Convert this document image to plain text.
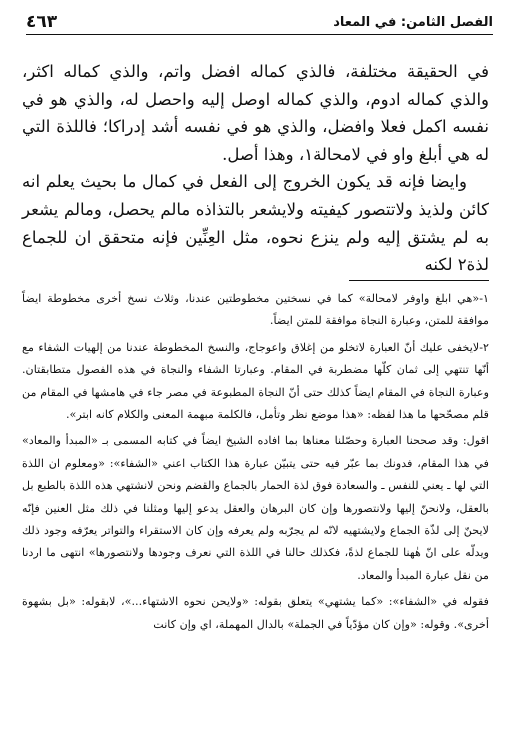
الفصل الثامن: في المعاد
٤٦٣

في الحقيقة مختلفة، فالذي كماله افضل واتم، والذي كماله اكثر، والذي كماله ادوم، والذي كماله اوصل إليه واحصل له، والذي هو في نفسه اكمل فعلا وافضل، والذي هو في نفسه أشد إدراكا؛ فاللذة التي له هي أبلغ واو في لامحالة١، وهذا أصل.

وايضا فإنه قد يكون الخروج إلى الفعل في كمال ما بحيث يعلم انه كائن ولذيذ ولاتتصور كيفيته ولايشعر بالتذاذه مالم يحصل، ومالم يشعر به لم يشتق إليه ولم ينزع نحوه، مثل العِنِّين فإنه متحقق ان للجماع لذة٢ لكنه

١-«هي ابلغ واوفر لامحالة» كما في نسختين مخطوطتين عندنا، وثلاث نسخ أخرى مخطوطة ايضاً موافقة للمتن، وعبارة النجاة موافقة للمتن ايضاً.

٢-لايخفى عليك أنّ العبارة لاتخلو من إغلاق واعوجاج، والنسخ المخطوطة عندنا من إلهيات الشفاء مع أنّها تنتهي إلى ثمان كلّها مضطربة في المقام. وعبارتا الشفاء والنجاة في هذه الفصول متطابقتان. وعبارة النجاة في المقام ايضاً كذلك حتى أنّ النجاة المطبوعة في مصر جاء في هامشها في المقام من قلم مصحّحها ما هذا لفظه: «هذا موضع نظر وتأمل، فالكلمة مبهمة المعنى والكلام كانه ابتر».

اقول: وقد صححنا العبارة وحصّلنا معناها بما افاده الشيخ ايضاً في كتابه المسمى بـ «المبدأ والمعاد» في هذا المقام، فدونك بما عبّر فيه حتى يتبيّن عبارة هذا الكتاب اعني «الشفاء»: «ومعلوم ان اللذة التي لها ـ يعني للنفس ـ والسعادة فوق لذة الحمار بالجماع والقضم ونحن لانشتهي هذه اللذة بالطبع بل بالعقل، ولانحنّ إليها ولانتصورها وإن كان البرهان والعقل يدعو إليها ومثلنا في ذلك مثل العنين فإنّه لايحنّ إلى لذّة الجماع ولايشتهيه لانّه لم يجرّبه ولم يعرفه وإن كان الاستقراء والتواتر يعرّفه وجود ذلك ويدلّه على انّ هٰهنا للجماع لذةً، فكذلك حالنا في اللذة التي نعرف وجودها ولانتصورها» انتهى ما اردنا من نقل عبارة المبدأ والمعاد.

فقوله في «الشفاء»: «كما يشتهي» يتعلق بقوله: «ولايحن نحوه الاشتهاء...»، لابقوله: «بل بشهوة أخرى». وقوله: «وإن كان مؤدّياً في الجملة» بالدال المهملة، اي وإن كانت
